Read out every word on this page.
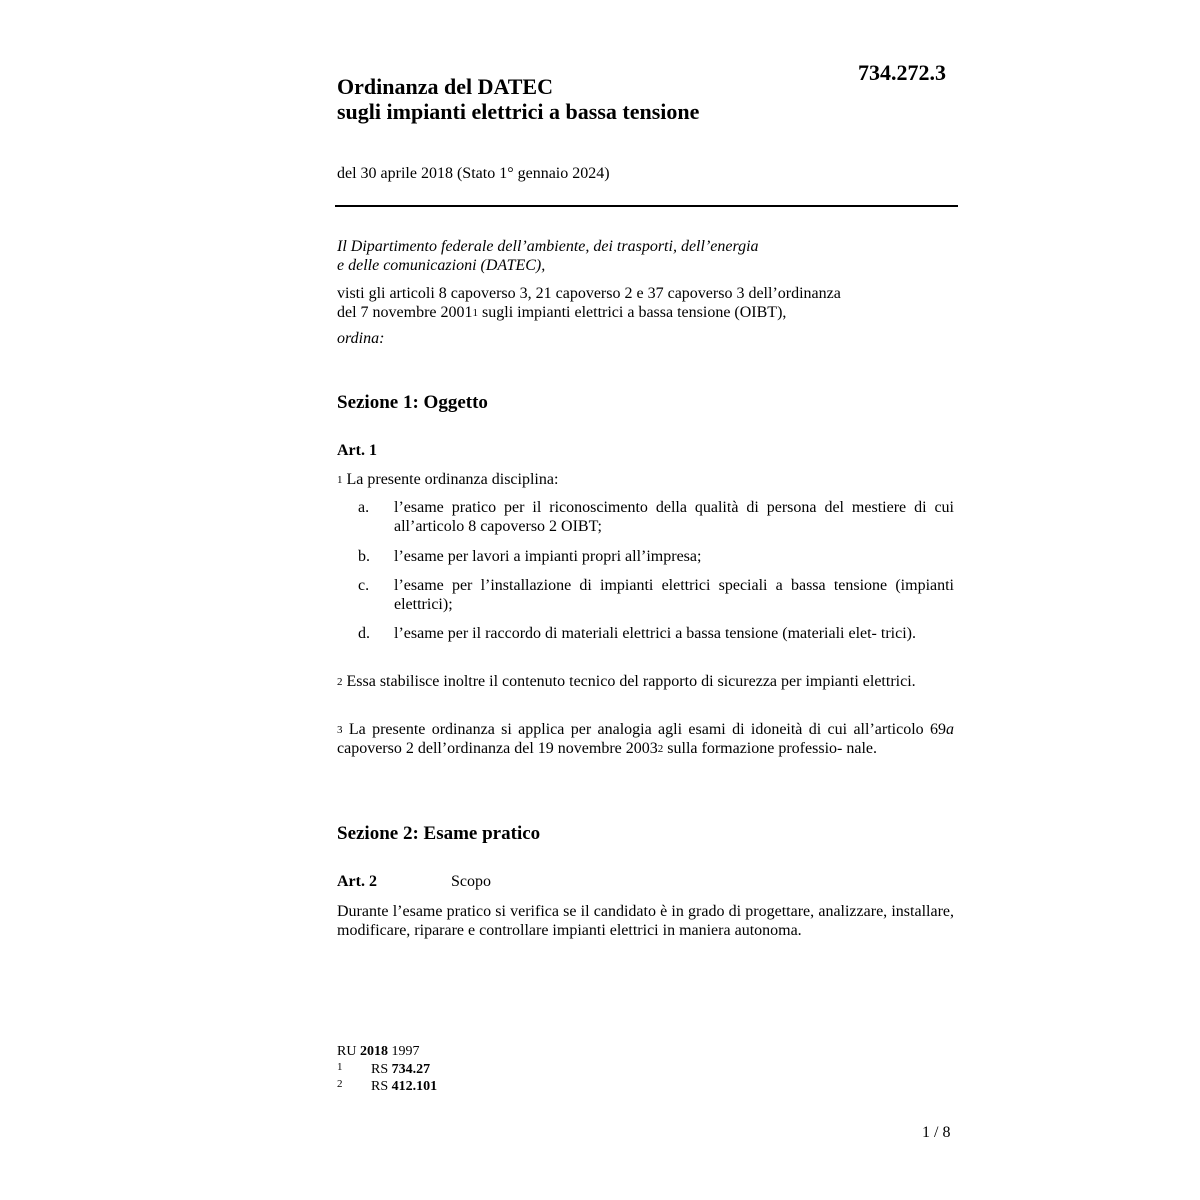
734.272.3
Ordinanza del DATEC
sugli impianti elettrici a bassa tensione
del 30 aprile 2018 (Stato 1° gennaio 2024)
Il Dipartimento federale dell’ambiente, dei trasporti, dell’energia
e delle comunicazioni (DATEC),
visti gli articoli 8 capoverso 3, 21 capoverso 2 e 37 capoverso 3 dell’ordinanza
del 7 novembre 2001$^1$ sugli impianti elettrici a bassa tensione (OIBT),
ordina:
Sezione 1: Oggetto
Art. 1
$^1$ La presente ordinanza disciplina:
a. l’esame pratico per il riconoscimento della qualità di persona del mestiere di cui all’articolo 8 capoverso 2 OIBT;
b. l’esame per lavori a impianti propri all’impresa;
c. l’esame per l’installazione di impianti elettrici speciali a bassa tensione (impianti elettrici);
d. l’esame per il raccordo di materiali elettrici a bassa tensione (materiali elet- trici).
$^2$ Essa stabilisce inoltre il contenuto tecnico del rapporto di sicurezza per impianti elettrici.
$^3$ La presente ordinanza si applica per analogia agli esami di idoneità di cui all’articolo 69a capoverso 2 dell’ordinanza del 19 novembre 2003$^2$ sulla formazione professio- nale.
Sezione 2: Esame pratico
Art. 2	Scopo
Durante l’esame pratico si verifica se il candidato è in grado di progettare, analizzare, installare, modificare, riparare e controllare impianti elettrici in maniera autonoma.
RU 2018 1997
1 RS 734.27
2 RS 412.101
1 / 8
